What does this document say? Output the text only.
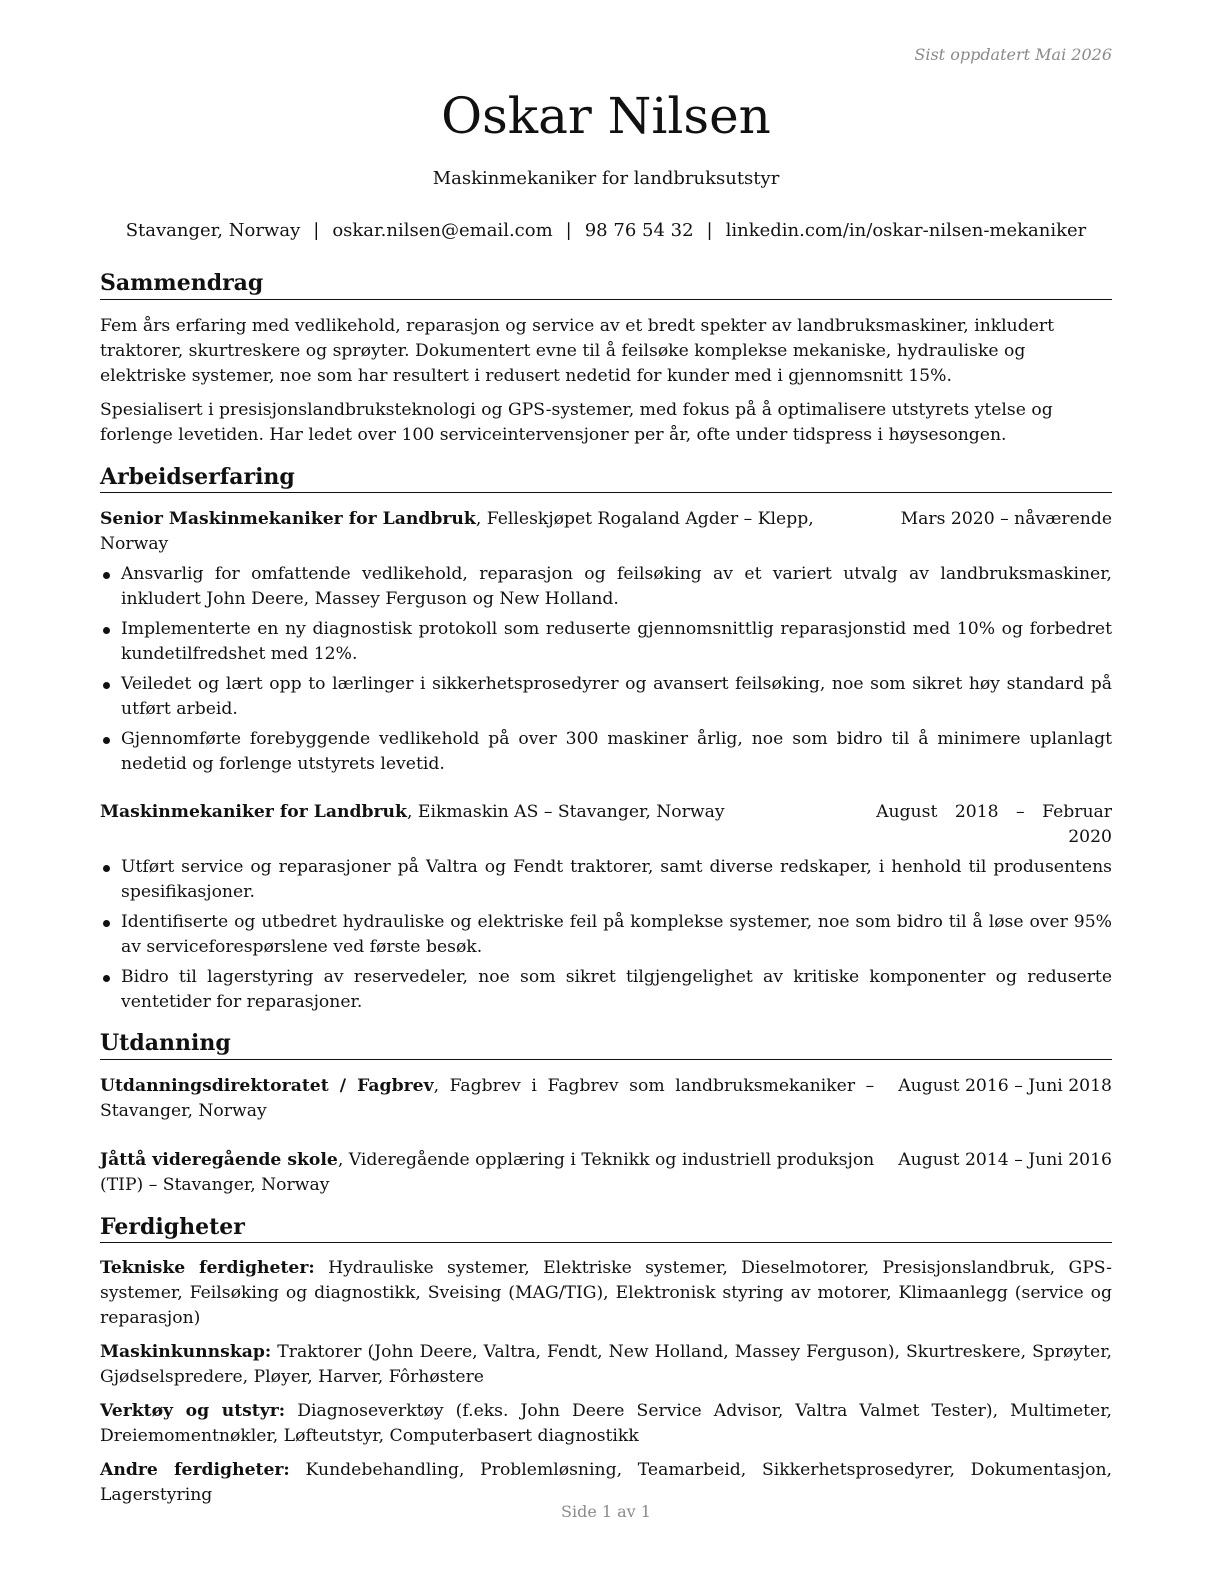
Sist oppdatert Mai 2026
Oskar Nilsen
Maskinmekaniker for landbruksutstyr
Stavanger, Norway | oskar.nilsen@email.com | 98 76 54 32 | linkedin.com/in/oskar-nilsen-mekaniker
Sammendrag

Fem års erfaring med vedlikehold, reparasjon og service av et bredt spekter av landbruksmaskiner, inkludert traktorer, skurtreskere og sprøyter. Dokumentert evne til å feilsøke komplekse mekaniske, hydrauliske og elektriske systemer, noe som har resultert i redusert nedetid for kunder med i gjennomsnitt 15%.

Spesialisert i presisjonslandbruksteknologi og GPS-systemer, med fokus på å optimalisere utstyrets ytelse og forlenge levetiden. Har ledet over 100 serviceintervensjoner per år, ofte under tidspress i høysesongen.

Arbeidserfaring
Senior Maskinmekaniker for Landbruk, Felleskjøpet Rogaland Agder – Klepp, Norway
Mars 2020 – nåværende
Ansvarlig for omfattende vedlikehold, reparasjon og feilsøking av et variert utvalg av landbruksmaskiner, inkludert John Deere, Massey Ferguson og New Holland.
Implementerte en ny diagnostisk protokoll som reduserte gjennomsnittlig reparasjonstid med 10% og forbedret kundetilfredshet med 12%.
Veiledet og lært opp to lærlinger i sikkerhetsprosedyrer og avansert feilsøking, noe som sikret høy standard på utført arbeid.
Gjennomførte forebyggende vedlikehold på over 300 maskiner årlig, noe som bidro til å minimere uplanlagt nedetid og forlenge utstyrets levetid.
Maskinmekaniker for Landbruk, Eikmaskin AS – Stavanger, Norway	August 2018 – Februar
2020
Utført service og reparasjoner på Valtra og Fendt traktorer, samt diverse redskaper, i henhold til produsentens spesifikasjoner.
Identifiserte og utbedret hydrauliske og elektriske feil på komplekse systemer, noe som bidro til å løse over 95% av serviceforespørslene ved første besøk.
Bidro til lagerstyring av reservedeler, noe som sikret tilgjengelighet av kritiske komponenter og reduserte ventetider for reparasjoner.
Utdanning
Utdanningsdirektoratet / Fagbrev, Fagbrev i Fagbrev som landbruksmekaniker – Stavanger, Norway
August 2016 – Juni 2018
Jåttå videregående skole, Videregående opplæring i Teknikk og industriell produksjon (TIP) – Stavanger, Norway
August 2014 – Juni 2016
Ferdigheter

Tekniske ferdigheter: Hydrauliske systemer, Elektriske systemer, Dieselmotorer, Presisjonslandbruk, GPS-systemer, Feilsøking og diagnostikk, Sveising (MAG/TIG), Elektronisk styring av motorer, Klimaanlegg (service og reparasjon)

Maskinkunnskap: Traktorer (John Deere, Valtra, Fendt, New Holland, Massey Ferguson), Skurtreskere, Sprøyter, Gjødselspredere, Pløyer, Harver, Fôrhøstere

Verktøy og utstyr: Diagnoseverktøy (f.eks. John Deere Service Advisor, Valtra Valmet Tester), Multimeter, Dreiemomentnøkler, Løfteutstyr, Computerbasert diagnostikk

Andre ferdigheter: Kundebehandling, Problemløsning, Teamarbeid, Sikkerhetsprosedyrer, Dokumentasjon, Lagerstyring

Side 1 av 1
